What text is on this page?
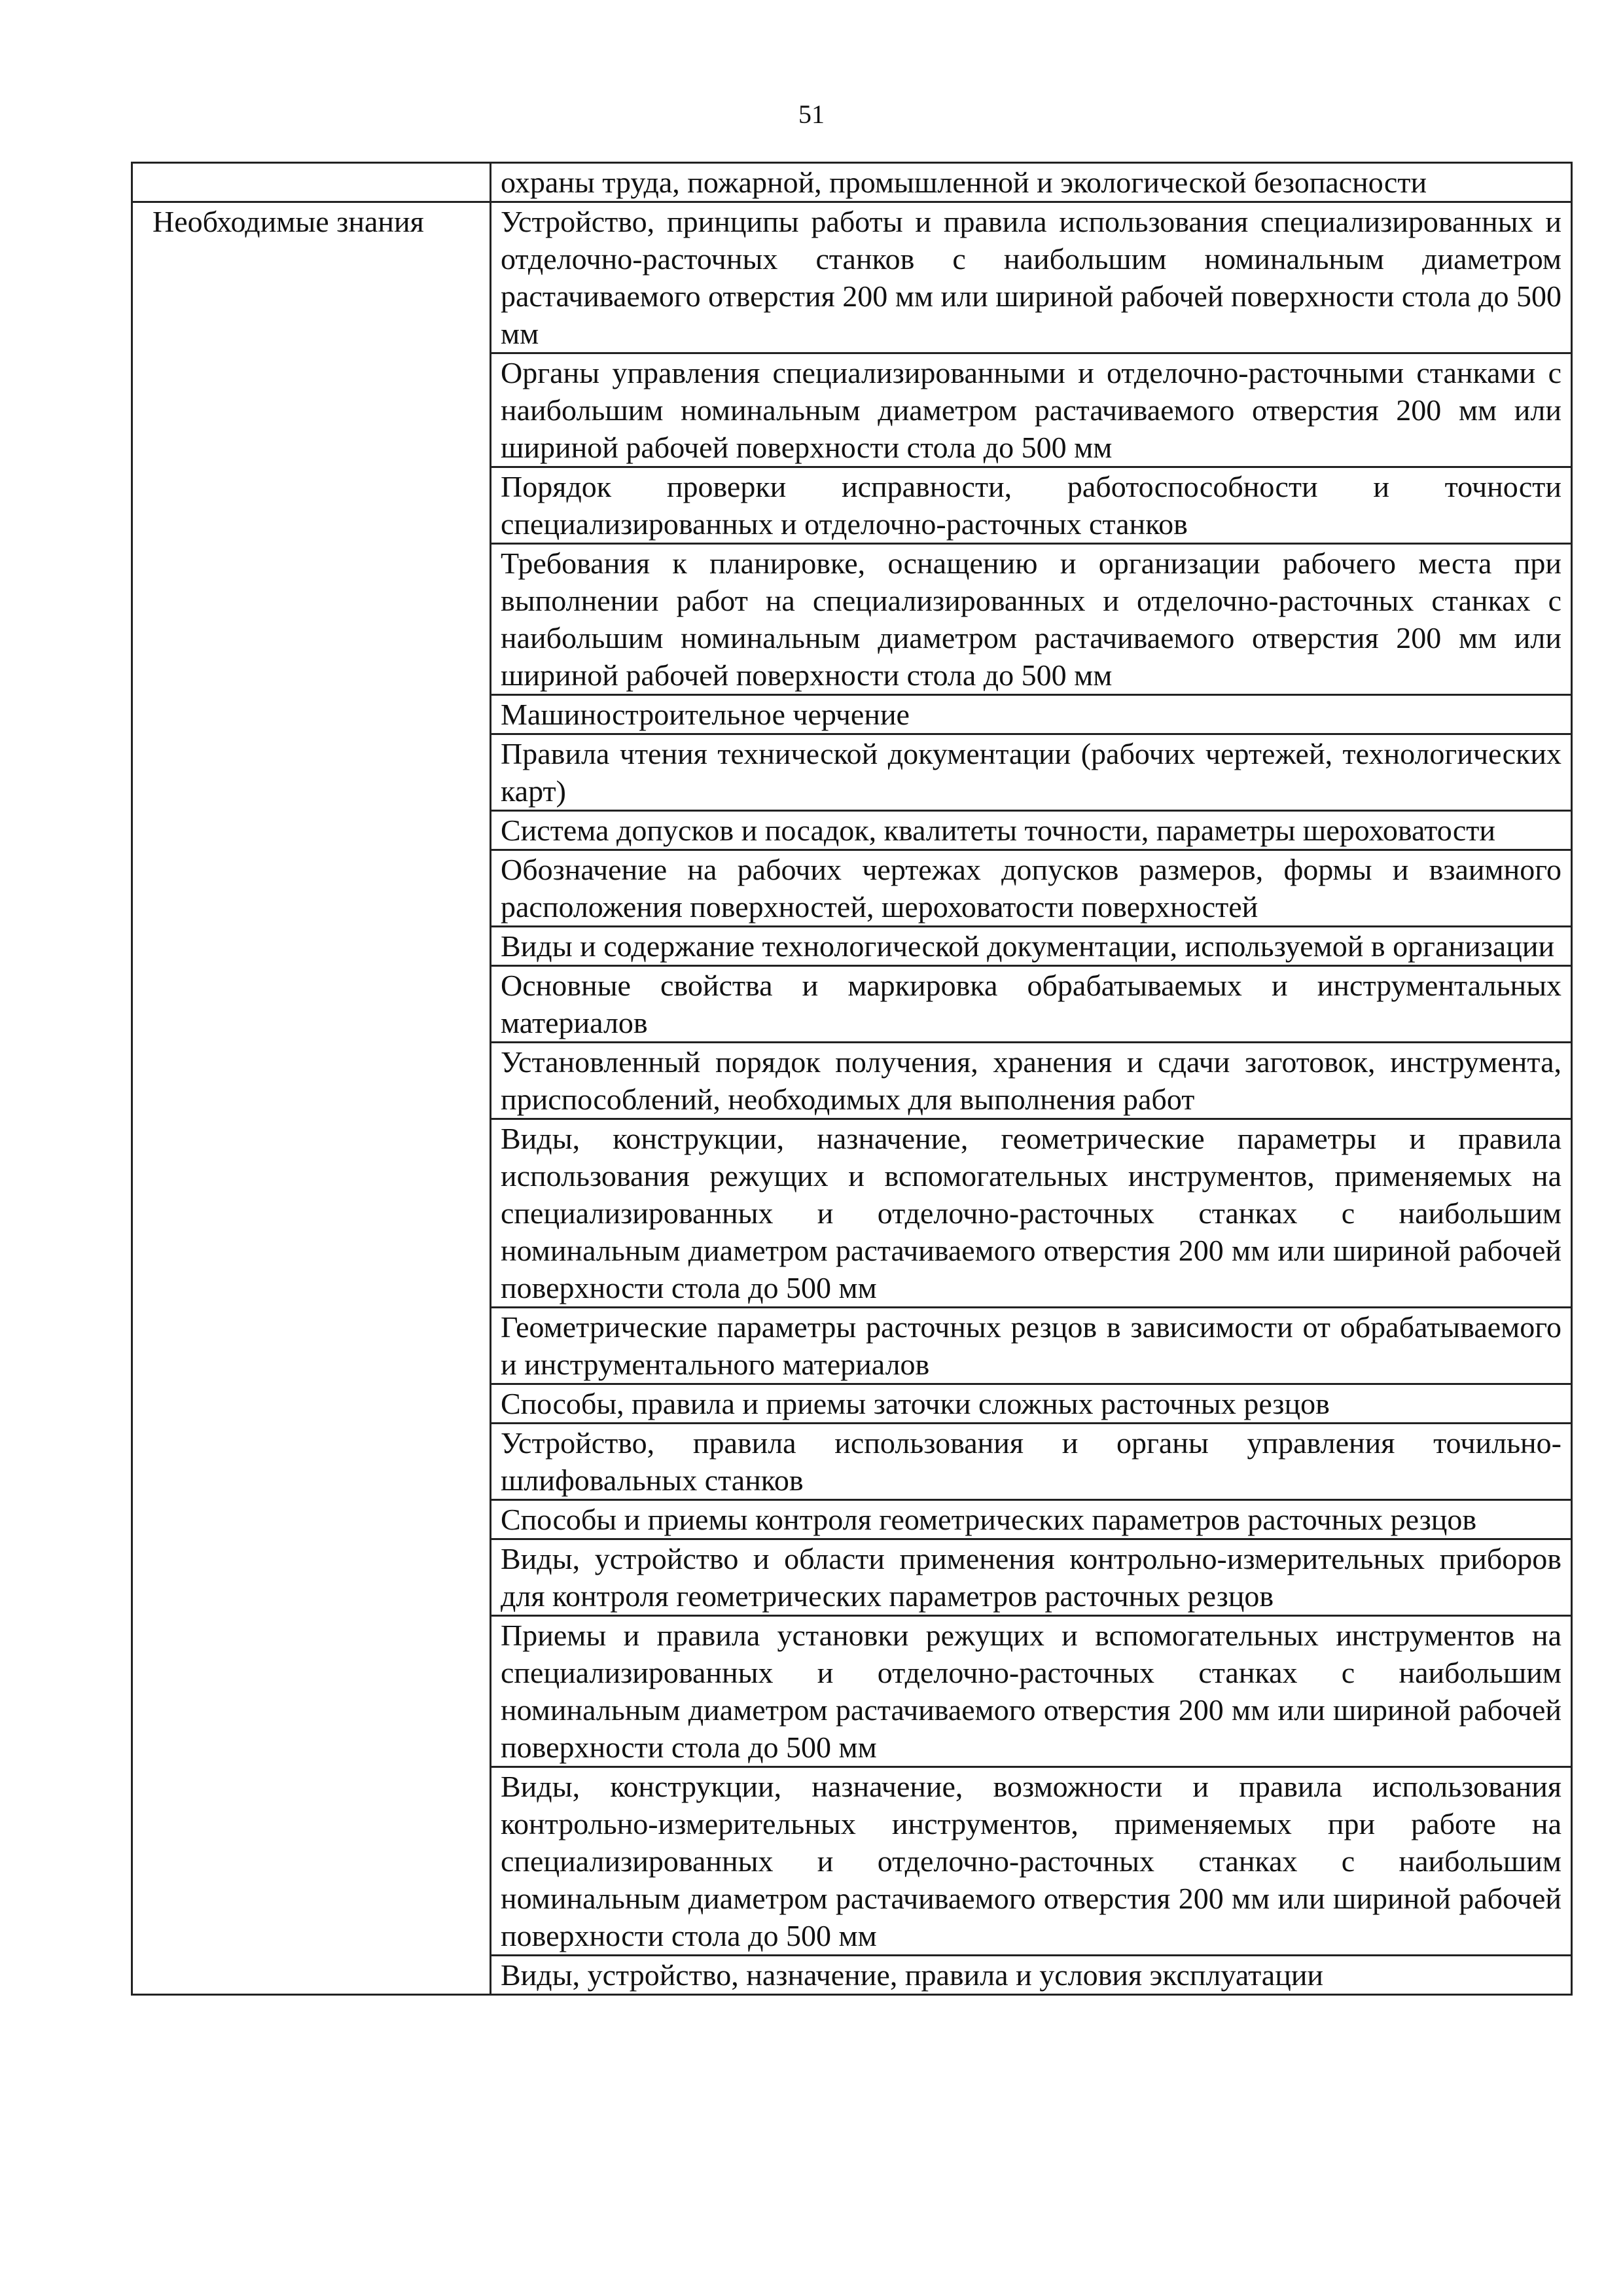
51
	охраны труда, пожарной, промышленной и экологической безопасности
Необходимые знания	Устройство, принципы работы и правила использования специализированных и отделочно-расточных станков с наибольшим номинальным диаметром растачиваемого отверстия 200 мм или шириной рабочей поверхности стола до 500 мм
	Органы управления специализированными и отделочно-расточными станками с наибольшим номинальным диаметром растачиваемого отверстия 200 мм или шириной рабочей поверхности стола до 500 мм
	Порядок проверки исправности, работоспособности и точности специализированных и отделочно-расточных станков
	Требования к планировке, оснащению и организации рабочего места при выполнении работ на специализированных и отделочно-расточных станках с наибольшим номинальным диаметром растачиваемого отверстия 200 мм или шириной рабочей поверхности стола до 500 мм
	Машиностроительное черчение
	Правила чтения технической документации (рабочих чертежей, технологических карт)
	Система допусков и посадок, квалитеты точности, параметры шероховатости
	Обозначение на рабочих чертежах допусков размеров, формы и взаимного расположения поверхностей, шероховатости поверхностей
	Виды и содержание технологической документации, используемой в организации
	Основные свойства и маркировка обрабатываемых и инструментальных материалов
	Установленный порядок получения, хранения и сдачи заготовок, инструмента, приспособлений, необходимых для выполнения работ
	Виды, конструкции, назначение, геометрические параметры и правила использования режущих и вспомогательных инструментов, применяемых на специализированных и отделочно-расточных станках с наибольшим номинальным диаметром растачиваемого отверстия 200 мм или шириной рабочей поверхности стола до 500 мм
	Геометрические параметры расточных резцов в зависимости от обрабатываемого и инструментального материалов
	Способы, правила и приемы заточки сложных расточных резцов
	Устройство, правила использования и органы управления точильно-шлифовальных станков
	Способы и приемы контроля геометрических параметров расточных резцов
	Виды, устройство и области применения контрольно-измерительных приборов для контроля геометрических параметров расточных резцов
	Приемы и правила установки режущих и вспомогательных инструментов на специализированных и отделочно-расточных станках с наибольшим номинальным диаметром растачиваемого отверстия 200 мм или шириной рабочей поверхности стола до 500 мм
	Виды, конструкции, назначение, возможности и правила использования контрольно-измерительных инструментов, применяемых при работе на специализированных и отделочно-расточных станках с наибольшим номинальным диаметром растачиваемого отверстия 200 мм или шириной рабочей поверхности стола до 500 мм
	Виды, устройство, назначение, правила и условия эксплуатации
